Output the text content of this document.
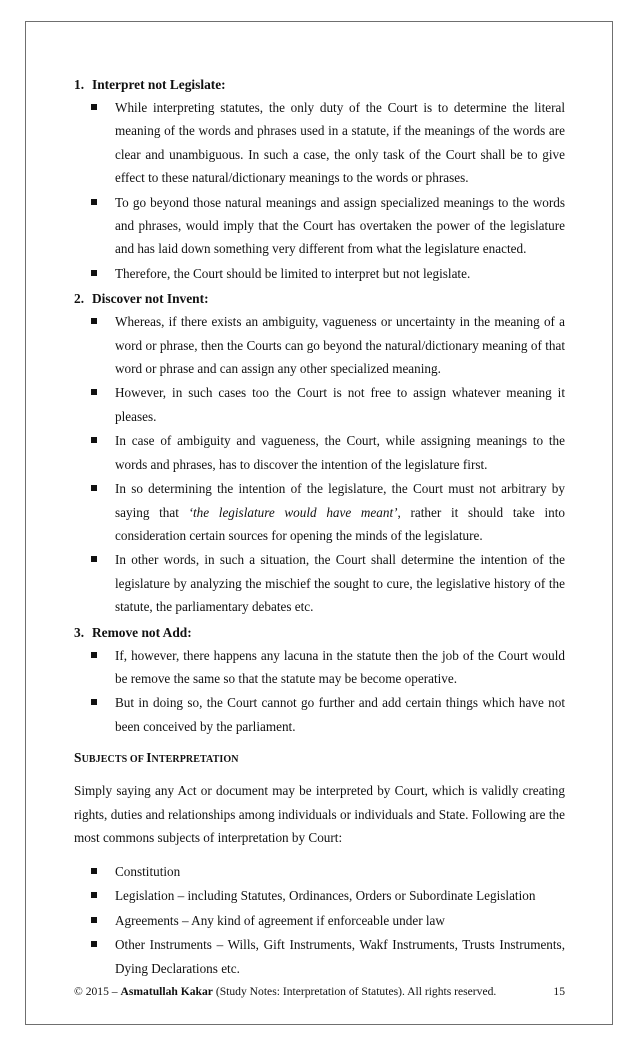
1. Interpret not Legislate:
While interpreting statutes, the only duty of the Court is to determine the literal meaning of the words and phrases used in a statute, if the meanings of the words are clear and unambiguous. In such a case, the only task of the Court shall be to give effect to these natural/dictionary meanings to the words or phrases.
To go beyond those natural meanings and assign specialized meanings to the words and phrases, would imply that the Court has overtaken the power of the legislature and has laid down something very different from what the legislature enacted.
Therefore, the Court should be limited to interpret but not legislate.
2. Discover not Invent:
Whereas, if there exists an ambiguity, vagueness or uncertainty in the meaning of a word or phrase, then the Courts can go beyond the natural/dictionary meaning of that word or phrase and can assign any other specialized meaning.
However, in such cases too the Court is not free to assign whatever meaning it pleases.
In case of ambiguity and vagueness, the Court, while assigning meanings to the words and phrases, has to discover the intention of the legislature first.
In so determining the intention of the legislature, the Court must not arbitrary by saying that ‘the legislature would have meant’, rather it should take into consideration certain sources for opening the minds of the legislature.
In other words, in such a situation, the Court shall determine the intention of the legislature by analyzing the mischief the sought to cure, the legislative history of the statute, the parliamentary debates etc.
3. Remove not Add:
If, however, there happens any lacuna in the statute then the job of the Court would be remove the same so that the statute may be become operative.
But in doing so, the Court cannot go further and add certain things which have not been conceived by the parliament.
SUBJECTS OF INTERPRETATION

Simply saying any Act or document may be interpreted by Court, which is validly creating rights, duties and relationships among individuals or individuals and State. Following are the most commons subjects of interpretation by Court:

Constitution
Legislation – including Statutes, Ordinances, Orders or Subordinate Legislation
Agreements – Any kind of agreement if enforceable under law
Other Instruments – Wills, Gift Instruments, Wakf Instruments, Trusts Instruments, Dying Declarations etc.
© 2015 – Asmatullah Kakar (Study Notes: Interpretation of Statutes). All rights reserved.	15
